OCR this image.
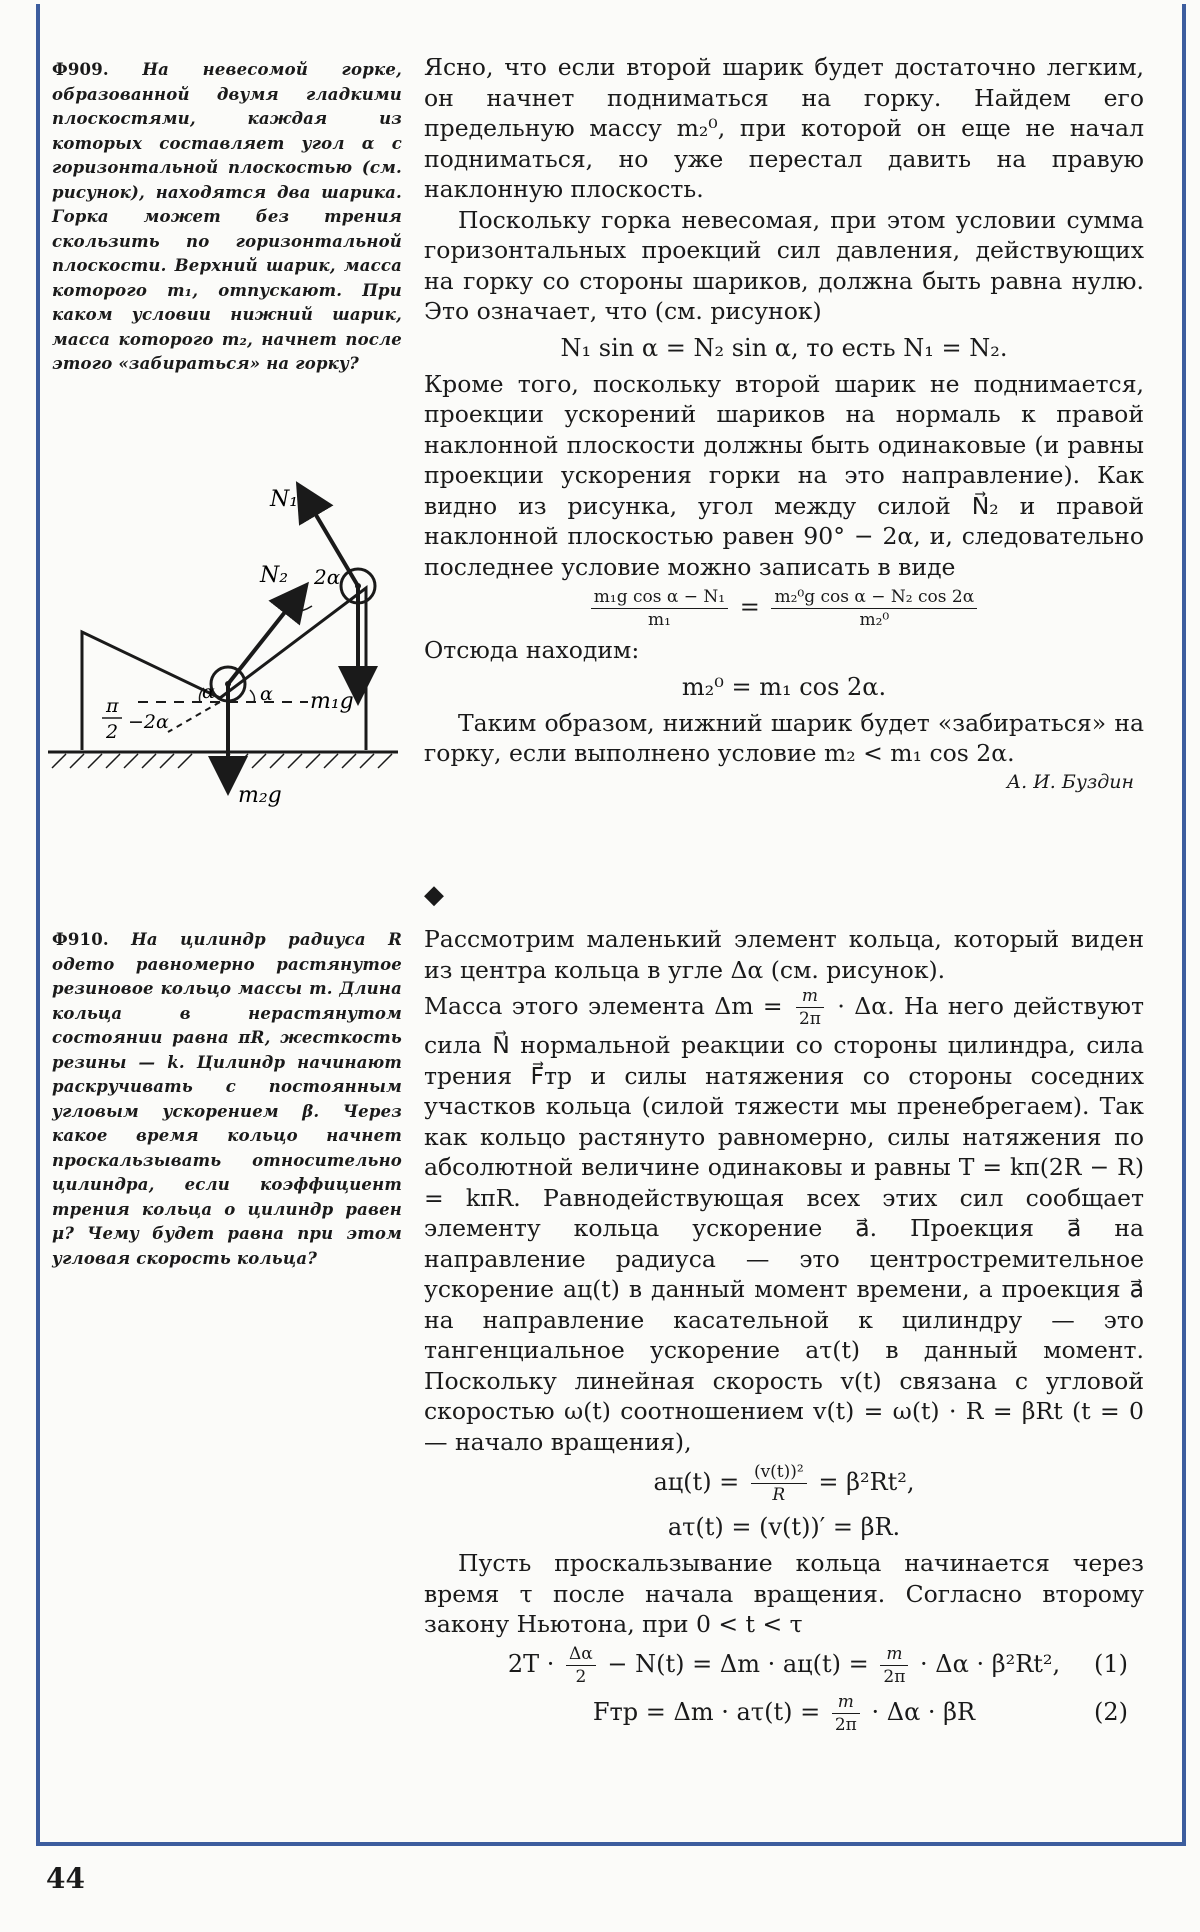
Ф909. На невесомой горке, образованной двумя гладкими плоскостями, каждая из которых составляет угол α с горизонтальной плоскостью (см. рисунок), находятся два шарика. Горка может без трения скользить по горизонтальной плоскости. Верхний шарик, масса которого m₁, отпускают. При каком условии нижний шарик, масса которого m₂, начнет после этого «забираться» на горку?
N₁
N₂ 2α
α α m₁g
m₂g
π
2 −2α

Ясно, что если второй шарик будет достаточно легким, он начнет подниматься на горку. Найдем его предельную массу m₂⁰, при которой он еще не начал подниматься, но уже перестал давить на правую наклонную плоскость.

Поскольку горка невесомая, при этом условии сумма горизонтальных проекций сил давления, действующих на горку со стороны шариков, должна быть равна нулю. Это означает, что (см. рисунок)

N₁ sin α = N₂ sin α, то есть N₁ = N₂.

Кроме того, поскольку второй шарик не поднимается, проекции ускорений шариков на нормаль к правой наклонной плоскости должны быть одинаковые (и равны проекции ускорения горки на это направление). Как видно из рисунка, угол между силой N⃗₂ и правой наклонной плоскостью равен 90° − 2α, и, следовательно последнее условие можно записать в виде

$\frac{\text{m₁g cos α − N₁}}{\text{m₁}} = \frac{\text{m₂⁰g cos α − N₂ cos 2α}}{\text{m₂⁰}}$

Отсюда находим:

m₂⁰ = m₁ cos 2α.

Таким образом, нижний шарик будет «забираться» на горку, если выполнено условие m₂ < m₁ cos 2α.

А. И. Буздин
◆
Ф910. На цилиндр радиуса R одето равномерно растянутое резиновое кольцо массы m. Длина кольца в нерастянутом состоянии равна πR, жесткость резины — k. Цилиндр начинают раскручивать с постоянным угловым ускорением β. Через какое время кольцо начнет проскальзывать относительно цилиндра, если коэффициент трения кольца о цилиндр равен μ? Чему будет равна при этом угловая скорость кольца?

Рассмотрим маленький элемент кольца, который виден из центра кольца в угле Δα (см. рисунок).

Масса этого элемента $\Delta m = \frac{m}{2\pi} \cdot \Delta\alpha$. На него действуют сила N⃗ нормальной реакции со стороны цилиндра, сила трения F⃗тр и силы натяжения со стороны соседних участков кольца (силой тяжести мы пренебрегаем). Так как кольцо растянуто равномерно, силы натяжения по абсолютной величине одинаковы и равны T = kπ(2R − R) = kπR. Равнодействующая всех этих сил сообщает элементу кольца ускорение a⃗. Проекция a⃗ на направление радиуса — это центростремительное ускорение aц(t) в данный момент времени, а проекция a⃗ на направление касательной к цилиндру — это тангенциальное ускорение aτ(t) в данный момент. Поскольку линейная скорость v(t) связана с угловой скоростью ω(t) соотношением v(t) = ω(t) · R = βRt (t = 0 — начало вращения),

$aц(t) = \frac{\text{(v(t))²}}{R} = \beta^2Rt^2$,
aτ(t) = (v(t))′ = βR.

Пусть проскальзывание кольца начинается через время τ после начала вращения. Согласно второму закону Ньютона, при 0 < t < τ

$2T \cdot \frac{\Delta\alpha}{2} - N(t) = \Delta m \cdot aц(t) = \frac{m}{2\pi} \cdot \Delta\alpha \cdot \beta^2Rt^2$, (1)
Fтр = $\Delta m \cdot a\tau(t) = \frac{m}{2\pi} \cdot \Delta\alpha \cdot \beta R$	(2)
44
